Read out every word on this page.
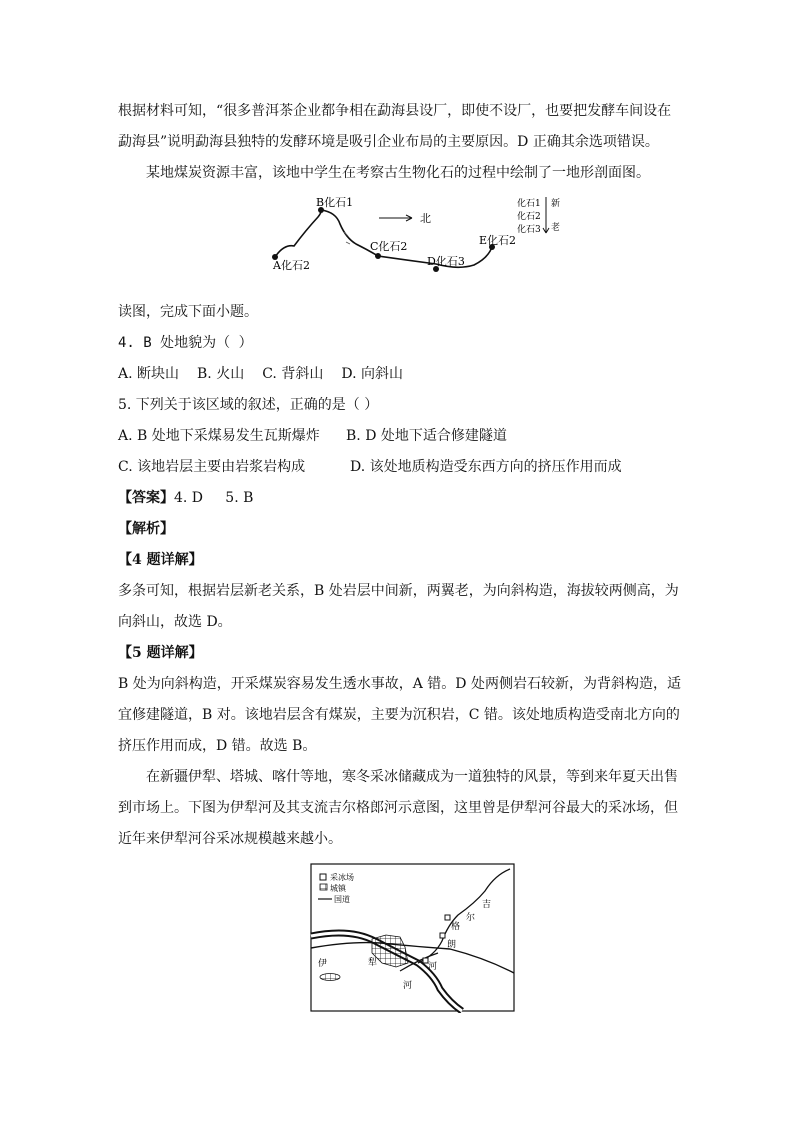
根据材料可知，“很多普洱茶企业都争相在勐海县设厂，即使不设厂，也要把发酵车间设在
勐海县”说明勐海县独特的发酵环境是吸引企业布局的主要原因。D 正确其余选项错误。
某地煤炭资源丰富，该地中学生在考察古生物化石的过程中绘制了一地形剖面图。
B化石1
北
C化石2
A化石2	D化石3
E化石2
化石1
化石2
化石3
新
老
读图，完成下面小题。
4. B 处地貌为（ ）
A. 断块山 B. 火山 C. 背斜山 D. 向斜山
5. 下列关于该区域的叙述，正确的是（ ）
A. B 处地下采煤易发生瓦斯爆炸 B. D 处地下适合修建隧道
C. 该地岩层主要由岩浆岩构成	D. 该处地质构造受东西方向的挤压作用而成
【答案】4. D     5. B
【解析】
【4 题详解】
多条可知，根据岩层新老关系，B 处岩层中间新，两翼老，为向斜构造，海拔较两侧高，为
向斜山，故选 D。
【5 题详解】
B 处为向斜构造，开采煤炭容易发生透水事故，A 错。D 处两侧岩石较新，为背斜构造，适
宜修建隧道，B 对。该地岩层含有煤炭，主要为沉积岩，C 错。该处地质构造受南北方向的
挤压作用而成，D 错。故选 B。
在新疆伊犁、塔城、喀什等地，寒冬采冰储藏成为一道独特的风景，等到来年夏天出售
到市场上。下图为伊犁河及其支流吉尔格郎河示意图，这里曾是伊犁河谷最大的采冰场，但
近年来伊犁河谷采冰规模越来越小。
采冰场
城镇
国道
吉
尔
格
朗
河
伊	犁
河
